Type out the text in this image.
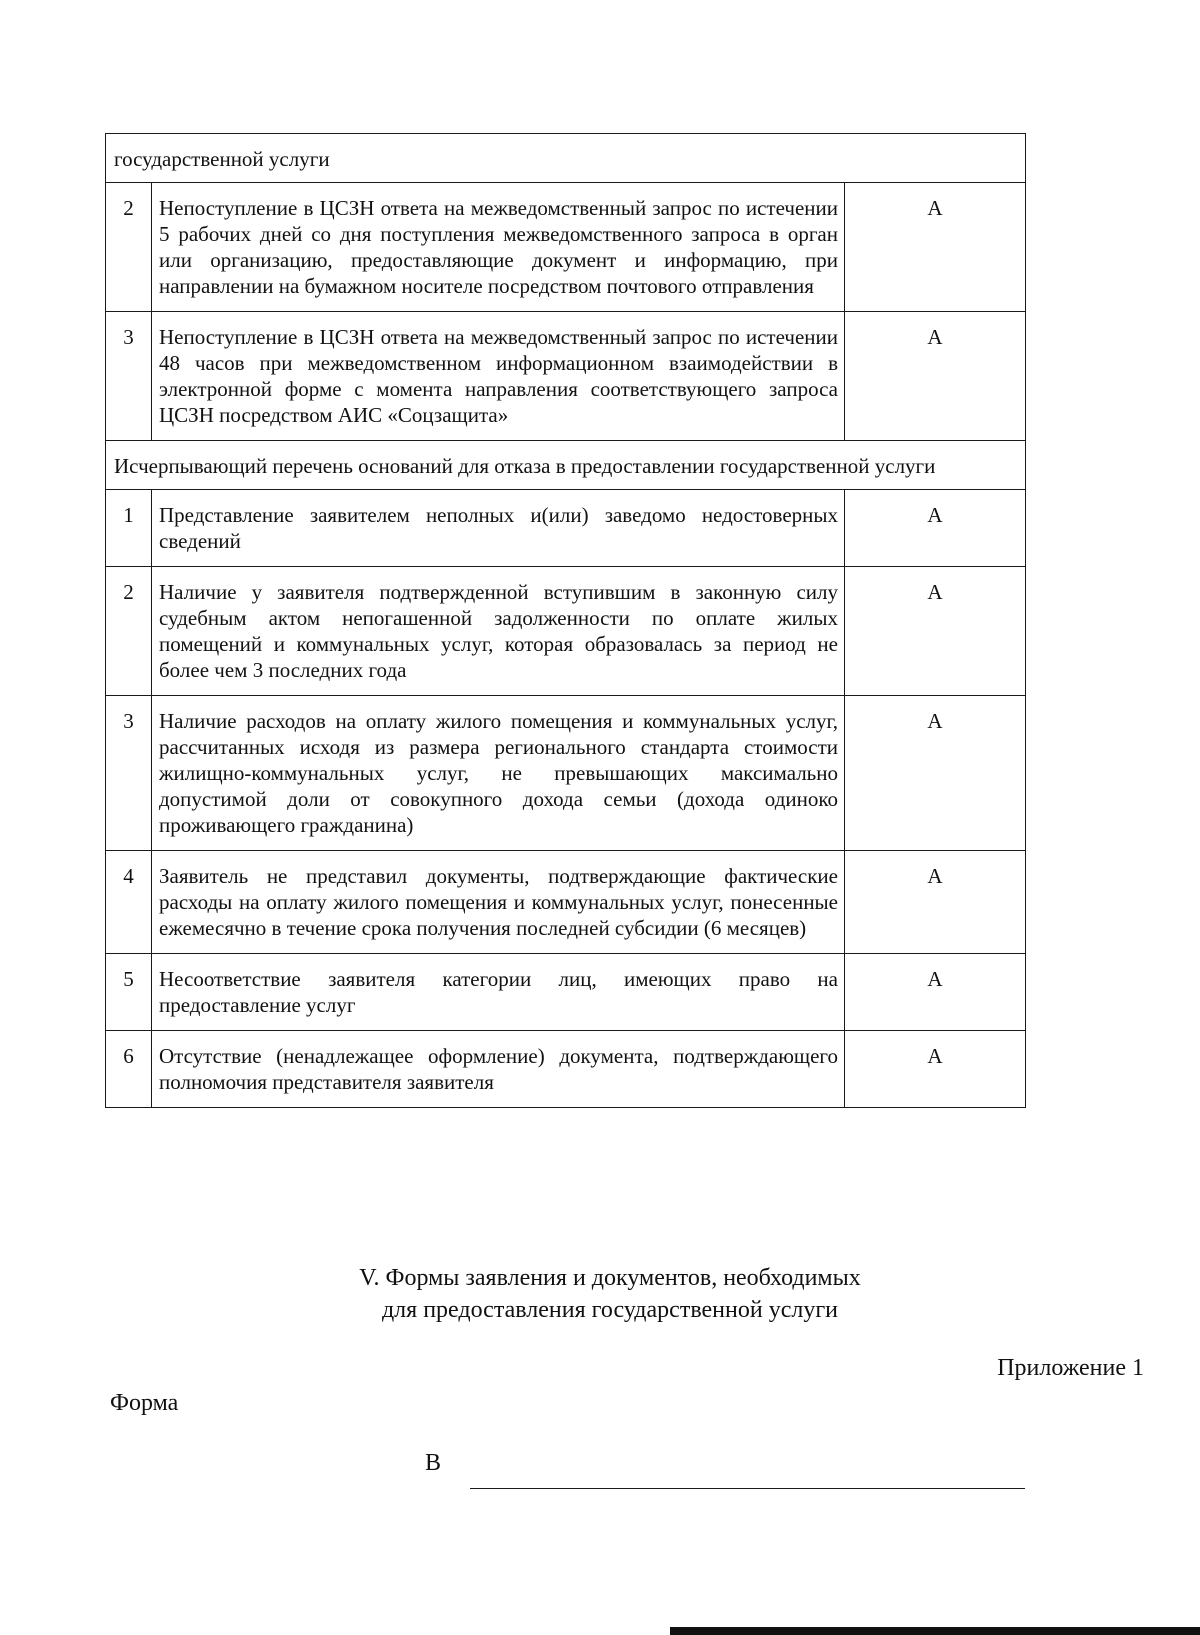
государственной услуги		
2	Непоступление в ЦСЗН ответа на межведомственный запрос по истечении 5 рабочих дней со дня поступления межведомственного запроса в орган или организацию, предоставляющие документ и информацию, при направлении на бумажном носителе посредством почтового отправления	А
3	Непоступление в ЦСЗН ответа на межведомственный запрос по истечении 48 часов при межведомственном информационном взаимодействии в электронной форме с момента направления соответствующего запроса ЦСЗН посредством АИС «Соцзащита»	А
Исчерпывающий перечень оснований для отказа в предоставлении государственной услуги		
1	Представление заявителем неполных и(или) заведомо недостоверных сведений	А
2	Наличие у заявителя подтвержденной вступившим в законную силу судебным актом непогашенной задолженности по оплате жилых помещений и коммунальных услуг, которая образовалась за период не более чем 3 последних года	А
3	Наличие расходов на оплату жилого помещения и коммунальных услуг, рассчитанных исходя из размера регионального стандарта стоимости жилищно-коммунальных услуг, не превышающих максимально допустимой доли от совокупного дохода семьи (дохода одиноко проживающего гражданина)	А
4	Заявитель не представил документы, подтверждающие фактические расходы на оплату жилого помещения и коммунальных услуг, понесенные ежемесячно в течение срока получения последней субсидии (6 месяцев)	А
5	Несоответствие заявителя категории лиц, имеющих право на предоставление услуг	А
6	Отсутствие (ненадлежащее оформление) документа, подтверждающего полномочия представителя заявителя	А
V. Формы заявления и документов, необходимых
для предоставления государственной услуги
Приложение 1
Форма
В
